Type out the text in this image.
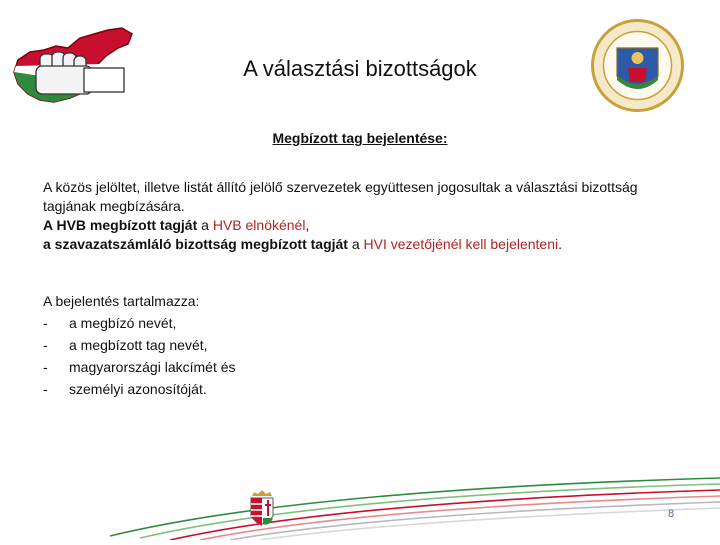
A választási bizottságok
Megbízott tag bejelentése:

A közös jelöltet, illetve listát állító jelölő szervezetek együttesen jogosultak a választási bizottság tagjának megbízására.

A HVB megbízott tagját a HVB elnökénél,

a szavazatszámláló bizottság megbízott tagját a HVI vezetőjénél kell bejelenteni.

A bejelentés tartalmazza:
-	a megbízó nevét,
-	a megbízott tag nevét,
-	magyarországi lakcímét és
-	személyi azonosítóját.
8
